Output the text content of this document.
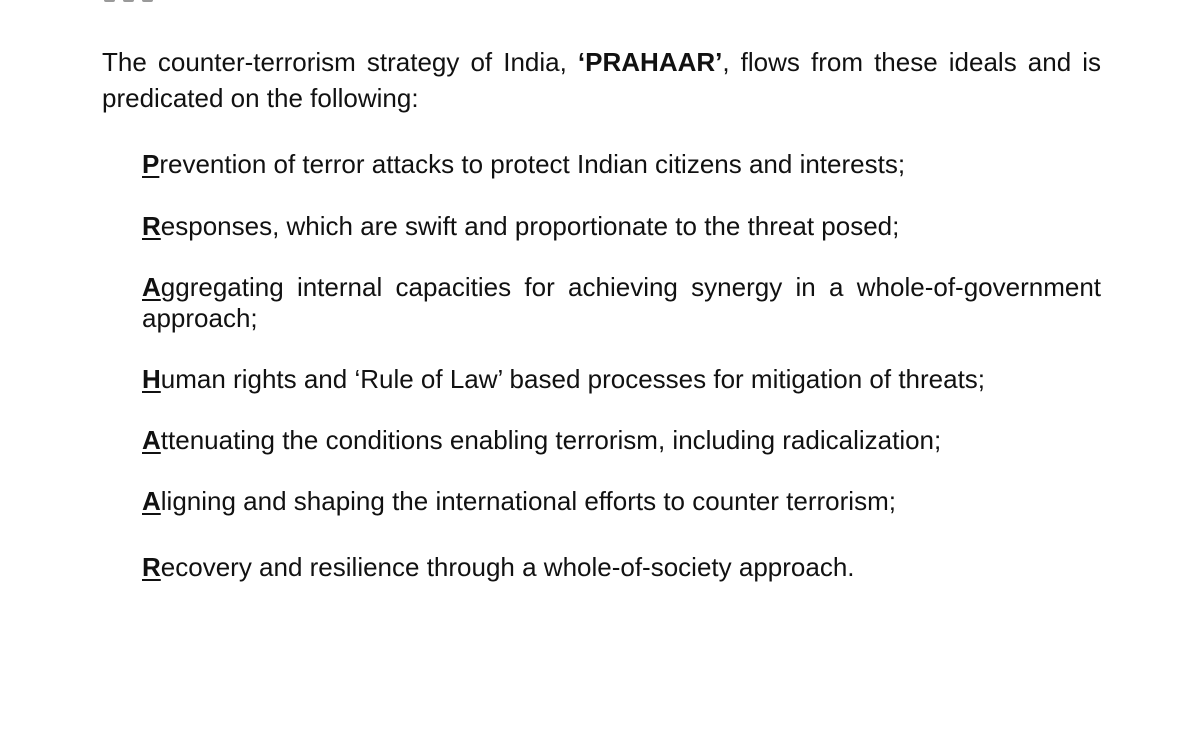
The counter-terrorism strategy of India, ‘PRAHAAR’, flows from these ideals and is predicated on the following:

Prevention of terror attacks to protect Indian citizens and interests;
Responses, which are swift and proportionate to the threat posed;
Aggregating internal capacities for achieving synergy in a whole-of-government approach;
Human rights and ‘Rule of Law’ based processes for mitigation of threats;
Attenuating the conditions enabling terrorism, including radicalization;
Aligning and shaping the international efforts to counter terrorism;
Recovery and resilience through a whole-of-society approach.
